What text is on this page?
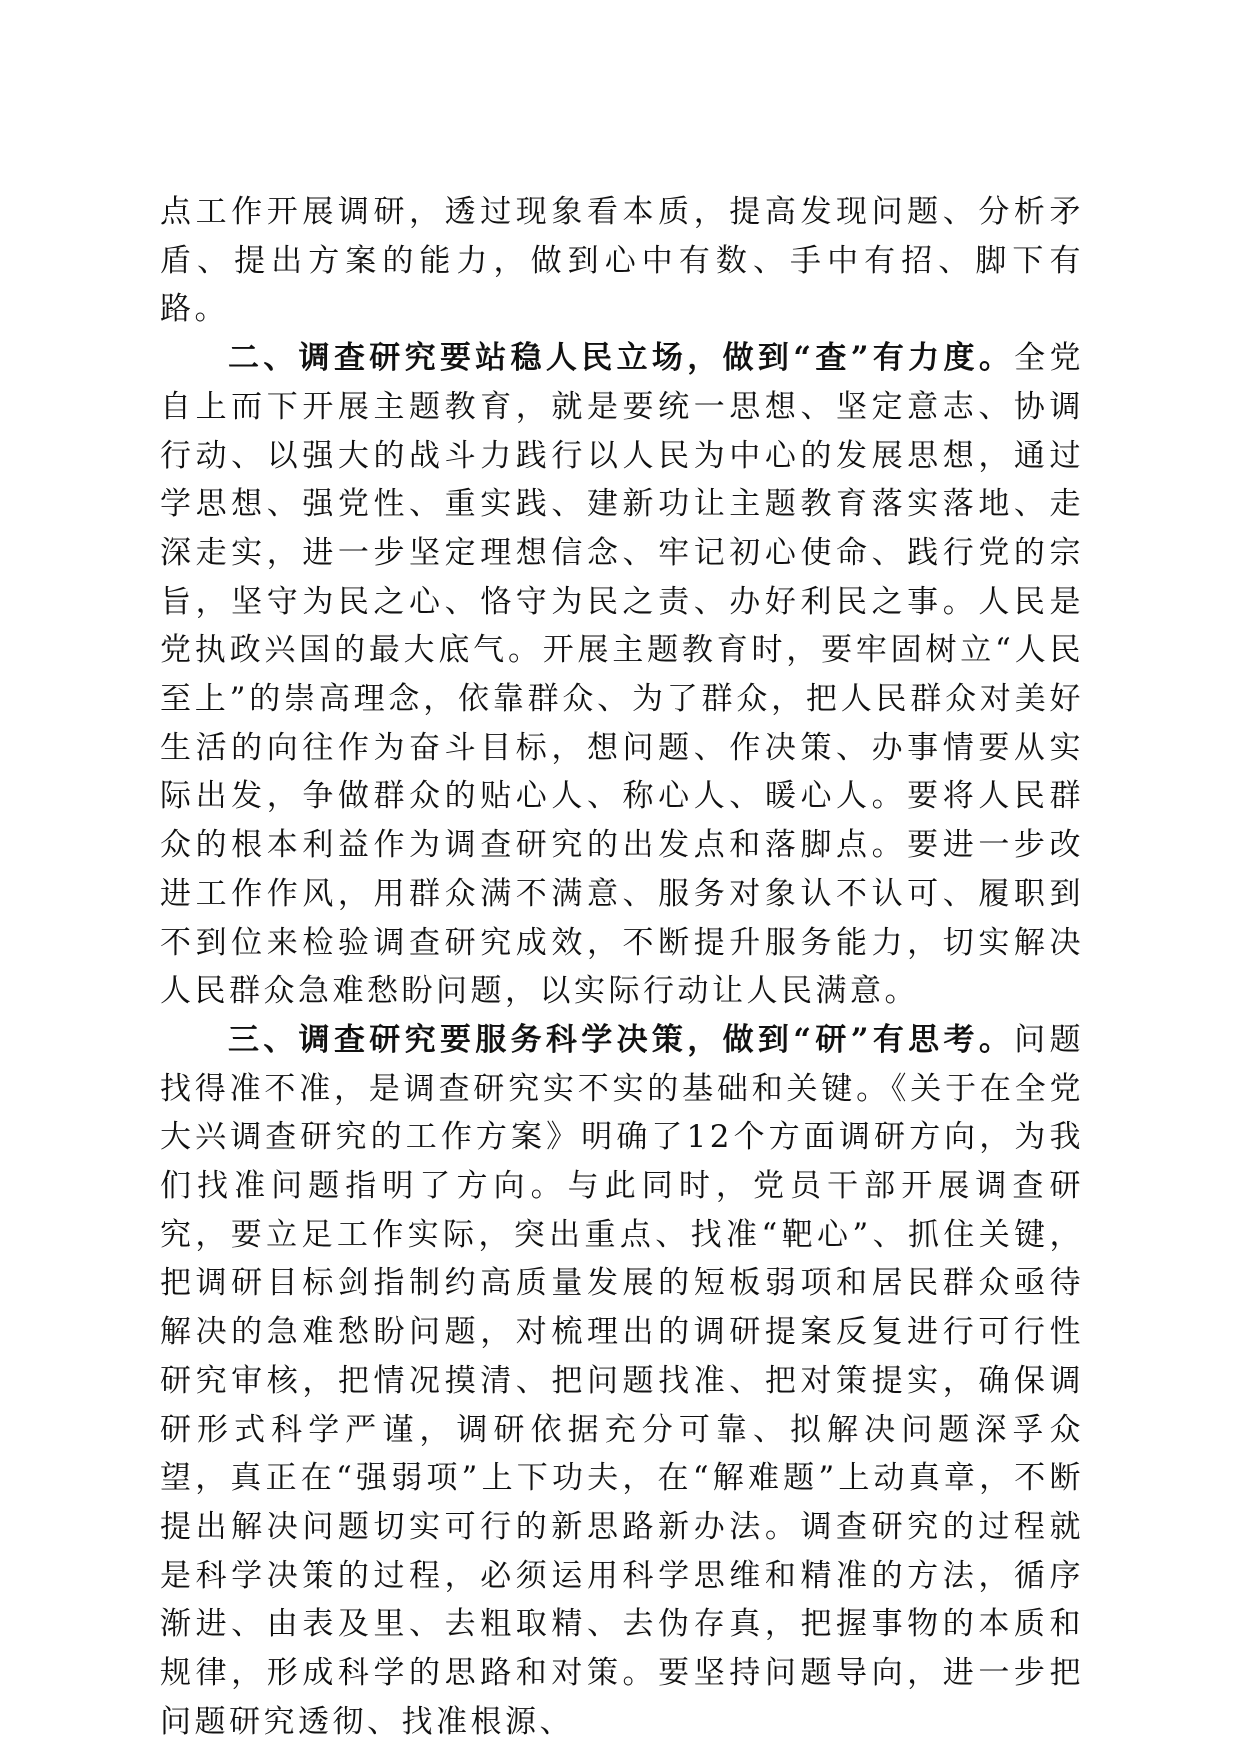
点工作开展调研，透过现象看本质，提高发现问题、分析矛盾、提出方案的能力，做到心中有数、手中有招、脚下有路。

二、调查研究要站稳人民立场，做到“查”有力度。全党自上而下开展主题教育，就是要统一思想、坚定意志、协调行动、以强大的战斗力践行以人民为中心的发展思想，通过学思想、强党性、重实践、建新功让主题教育落实落地、走深走实，进一步坚定理想信念、牢记初心使命、践行党的宗旨，坚守为民之心、恪守为民之责、办好利民之事。人民是党执政兴国的最大底气。开展主题教育时，要牢固树立“人民至上”的崇高理念，依靠群众、为了群众，把人民群众对美好生活的向往作为奋斗目标，想问题、作决策、办事情要从实际出发，争做群众的贴心人、称心人、暖心人。要将人民群众的根本利益作为调查研究的出发点和落脚点。要进一步改进工作作风，用群众满不满意、服务对象认不认可、履职到不到位来检验调查研究成效，不断提升服务能力，切实解决人民群众急难愁盼问题，以实际行动让人民满意。

三、调查研究要服务科学决策，做到“研”有思考。问题找得准不准，是调查研究实不实的基础和关键。《关于在全党大兴调查研究的工作方案》明确了12个方面调研方向，为我们找准问题指明了方向。与此同时，党员干部开展调查研究，要立足工作实际，突出重点、找准“靶心”、抓住关键，把调研目标剑指制约高质量发展的短板弱项和居民群众亟待解决的急难愁盼问题，对梳理出的调研提案反复进行可行性研究审核，把情况摸清、把问题找准、把对策提实，确保调研形式科学严谨，调研依据充分可靠、拟解决问题深孚众望，真正在“强弱项”上下功夫，在“解难题”上动真章，不断提出解决问题切实可行的新思路新办法。调查研究的过程就是科学决策的过程，必须运用科学思维和精准的方法，循序渐进、由表及里、去粗取精、去伪存真，把握事物的本质和规律，形成科学的思路和对策。要坚持问题导向，进一步把问题研究透彻、找准根源、
